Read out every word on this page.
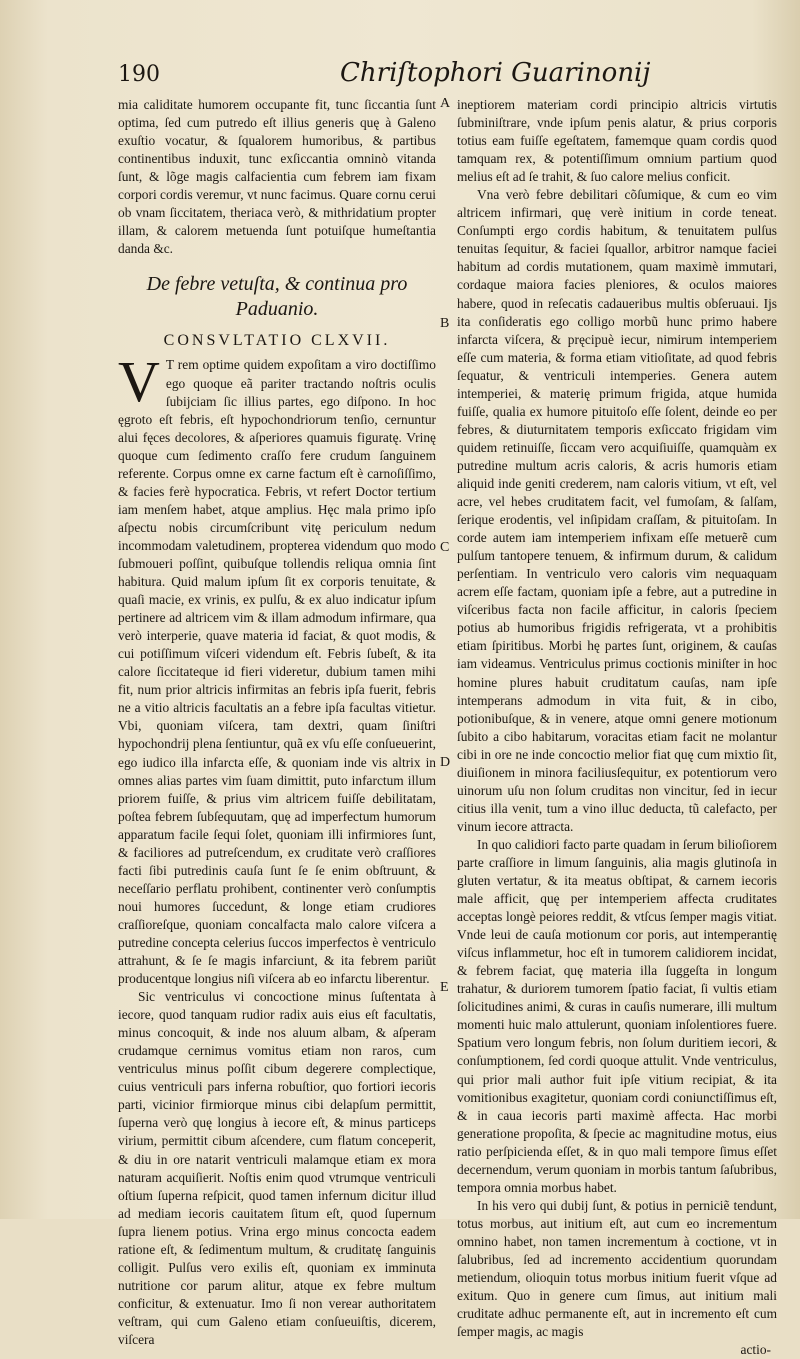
190	Chriſtophori Guarinonij

mia caliditate humorem occupante fit, tunc ſiccantia ſunt optima, ſed cum putredo eſt illius generis quę à Galeno exuſtio vocatur, & ſqualorem humoribus, & partibus continentibus induxit, tunc exſiccantia omninò vitanda ſunt, & lõge magis calfacientia cum febrem iam fixam corpori cordis veremur, vt nunc facimus. Quare cornu cerui ob vnam ſiccitatem, theriaca verò, & mithridatium propter illam, & calorem metuenda ſunt potuiſque humeſtantia danda &c.

De febre vetuſta, & continua pro Paduanio.
CONSVLTATIO CLXVII.

V T rem optime quidem expoſitam a viro doctiſſimo ego quoque eã pariter tractando noſtris oculis ſubijciam ſic illius partes, ego diſpono. In hoc ęgroto eſt febris, eſt hypochondriorum tenſio, cernuntur alui fęces decolores, & aſperiores quamuis figuratę. Vrinę quoque cum ſedimento craſſo fere crudum ſanguinem referente. Corpus omne ex carne factum eſt è carnoſiſſimo, & facies ferè hypocratica. Febris, vt refert Doctor tertium iam menſem habet, atque amplius. Hęc mala primo ipſo aſpectu nobis circumſcribunt vitę periculum nedum incommodam valetudinem, propterea videndum quo modo ſubmoueri poſſint, quibuſque tollendis reliqua omnia ſint habitura. Quid malum ipſum ſit ex corporis tenuitate, & quaſi macie, ex vrinis, ex pulſu, & ex aluo indicatur ipſum pertinere ad altricem vim & illam admodum infirmare, qua verò interperie, quave materia id faciat, & quot modis, & cui potiſſimum viſceri videndum eſt. Febris ſubeſt, & ita calore ſiccitateque id fieri videretur, dubium tamen mihi fit, num prior altricis infirmitas an febris ipſa fuerit, febris ne a vitio altricis facultatis an a febre ipſa facultas vitietur. Vbi, quoniam viſcera, tam dextri, quam ſiniſtri hypochondrij plena ſentiuntur, quã ex vſu eſſe conſueuerint, ego iudico illa infarcta eſſe, & quoniam inde vis altrix in omnes alias partes vim ſuam dimittit, puto infarctum illum priorem fuiſſe, & prius vim altricem fuiſſe debilitatam, poſtea febrem ſubſequutam, quę ad imperfectum humorum apparatum facile ſequi ſolet, quoniam illi infirmiores ſunt, & faciliores ad putreſcendum, ex cruditate verò craſſiores facti ſibi putredinis cauſa ſunt ſe ſe enim obſtruunt, & neceſſario perflatu prohibent, continenter verò conſumptis noui humores ſuccedunt, & longe etiam crudiores craſſioreſque, quoniam concalfacta malo calore viſcera a putredine concepta celerius ſuccos imperfectos è ventriculo attrahunt, & ſe ſe magis infarciunt, & ita febrem pariũt producentque longius niſi viſcera ab eo infarctu liberentur.

Sic ventriculus vi concoctione minus ſuſtentata à iecore, quod tanquam rudior radix auis eius eſt facultatis, minus concoquit, & inde nos aluum albam, & aſperam crudamque cernimus vomitus etiam non raros, cum ventriculus minus poſſit cibum degerere complectique, cuius ventriculi pars inferna robuſtior, quo fortiori iecoris parti, vicinior firmiorque minus cibi delapſum permittit, ſuperna verò quę longius à iecore eſt, & minus particeps virium, permittit cibum aſcendere, cum flatum conceperit, & diu in ore natarit ventriculi malamque etiam ex mora naturam acquiſierit. Noſtis enim quod vtrumque ventriculi oſtium ſuperna reſpicit, quod tamen infernum dicitur illud ad mediam iecoris cauitatem ſitum eſt, quod ſupernum ſupra lienem potius. Vrina ergo minus concocta eadem ratione eſt, & ſedimentum multum, & cruditatę ſanguinis colligit. Pulſus vero exilis eſt, quoniam ex imminuta nutritione cor parum alitur, atque ex febre multum conficitur, & extenuatur. Imo ſi non verear authoritatem veſtram, qui cum Galeno etiam conſueuiſtis, dicerem, viſcera

ineptiorem materiam cordi principio altricis virtutis ſubminiſtrare, vnde ipſum penis alatur, & prius corporis totius eam fuiſſe egeſtatem, famemque quam cordis quod tamquam rex, & potentiſſimum omnium partium quod melius eſt ad ſe trahit, & ſuo calore melius conficit.

Vna verò febre debilitari cõſumique, & cum eo vim altricem infirmari, quę verè initium in corde teneat. Conſumpti ergo cordis habitum, & tenuitatem pulſus tenuitas ſequitur, & faciei ſquallor, arbitror namque faciei habitum ad cordis mutationem, quam maximè immutari, cordaque maiora facies pleniores, & oculos maiores habere, quod in reſecatis cadaueribus multis obſeruaui. Ijs ita conſideratis ego colligo morbũ hunc primo habere infarcta viſcera, & pręcipuè iecur, nimirum intemperiem eſſe cum materia, & forma etiam vitioſitate, ad quod febris ſequatur, & ventriculi intemperies. Genera autem intemperiei, & materię primum frigida, atque humida fuiſſe, qualia ex humore pituitoſo eſſe ſolent, deinde eo per febres, & diuturnitatem temporis exſiccato frigidam vim quidem retinuiſſe, ſiccam vero acquiſiuiſſe, quamquàm ex putredine multum acris caloris, & acris humoris etiam aliquid inde geniti crederem, nam caloris vitium, vt eſt, vel acre, vel hebes cruditatem facit, vel fumoſam, & ſalſam, ſerique erodentis, vel inſipidam craſſam, & pituitoſam. In corde autem iam intemperiem infixam eſſe metuerẽ cum pulſum tantopere tenuem, & infirmum durum, & calidum perſentiam. In ventriculo vero caloris vim nequaquam acrem eſſe factam, quoniam ipſe a febre, aut a putredine in viſceribus facta non facile afficitur, in caloris ſpeciem potius ab humoribus frigidis refrigerata, vt a prohibitis etiam ſpiritibus. Morbi hę partes ſunt, originem, & cauſas iam videamus. Ventriculus primus coctionis miniſter in hoc homine plures habuit cruditatum cauſas, nam ipſe intemperans admodum in vita fuit, & in cibo, potionibuſque, & in venere, atque omni genere motionum ſubito a cibo habitarum, voracitas etiam facit ne molantur cibi in ore ne inde concoctio melior fiat quę cum mixtio ſit, diuiſionem in minora faciliusſequitur, ex potentiorum vero uinorum uſu non ſolum cruditas non vincitur, ſed in iecur citius illa venit, tum a vino illuc deducta, tũ calefacto, per vinum iecore attracta.

In quo calidiori facto parte quadam in ſerum bilioſiorem parte craſſiore in limum ſanguinis, alia magis glutinoſa in gluten vertatur, & ita meatus obſtipat, & carnem iecoris male afficit, quę per intemperiem affecta cruditates acceptas longè peiores reddit, & vtſcus ſemper magis vitiat. Vnde leui de cauſa motionum cor poris, aut intemperantię viſcus inflammetur, hoc eſt in tumorem calidiorem incidat, & febrem faciat, quę materia illa ſuggeſta in longum trahatur, & duriorem tumorem ſpatio faciat, ſi vultis etiam ſolicitudines animi, & curas in cauſis numerare, illi multum momenti huic malo attulerunt, quoniam inſolentiores fuere. Spatium vero longum febris, non ſolum duritiem iecori, & conſumptionem, ſed cordi quoque attulit. Vnde ventriculus, qui prior mali author fuit ipſe vitium recipiat, & ita vomitionibus exagitetur, quoniam cordi coniunctiſſimus eſt, & in caua iecoris parti maximè affecta. Hac morbi generatione propoſita, & ſpecie ac magnitudine motus, eius ratio perſpicienda eſſet, & in quo mali tempore ſimus eſſet decernendum, verum quoniam in morbis tantum ſaſubribus, tempora omnia morbus habet.

In his vero qui dubij ſunt, & potius in perniciẽ tendunt, totus morbus, aut initium eſt, aut cum eo incrementum omnino habet, non tamen incrementum à coctione, vt in ſalubribus, ſed ad incremento accidentium quorundam metiendum, olioquin totus morbus initium fuerit vſque ad exitum. Quo in genere cum ſimus, aut initium mali cruditate adhuc permanente eſt, aut in incremento eſt cum ſemper magis, ac magis

actio-
A
B
C
D
E
